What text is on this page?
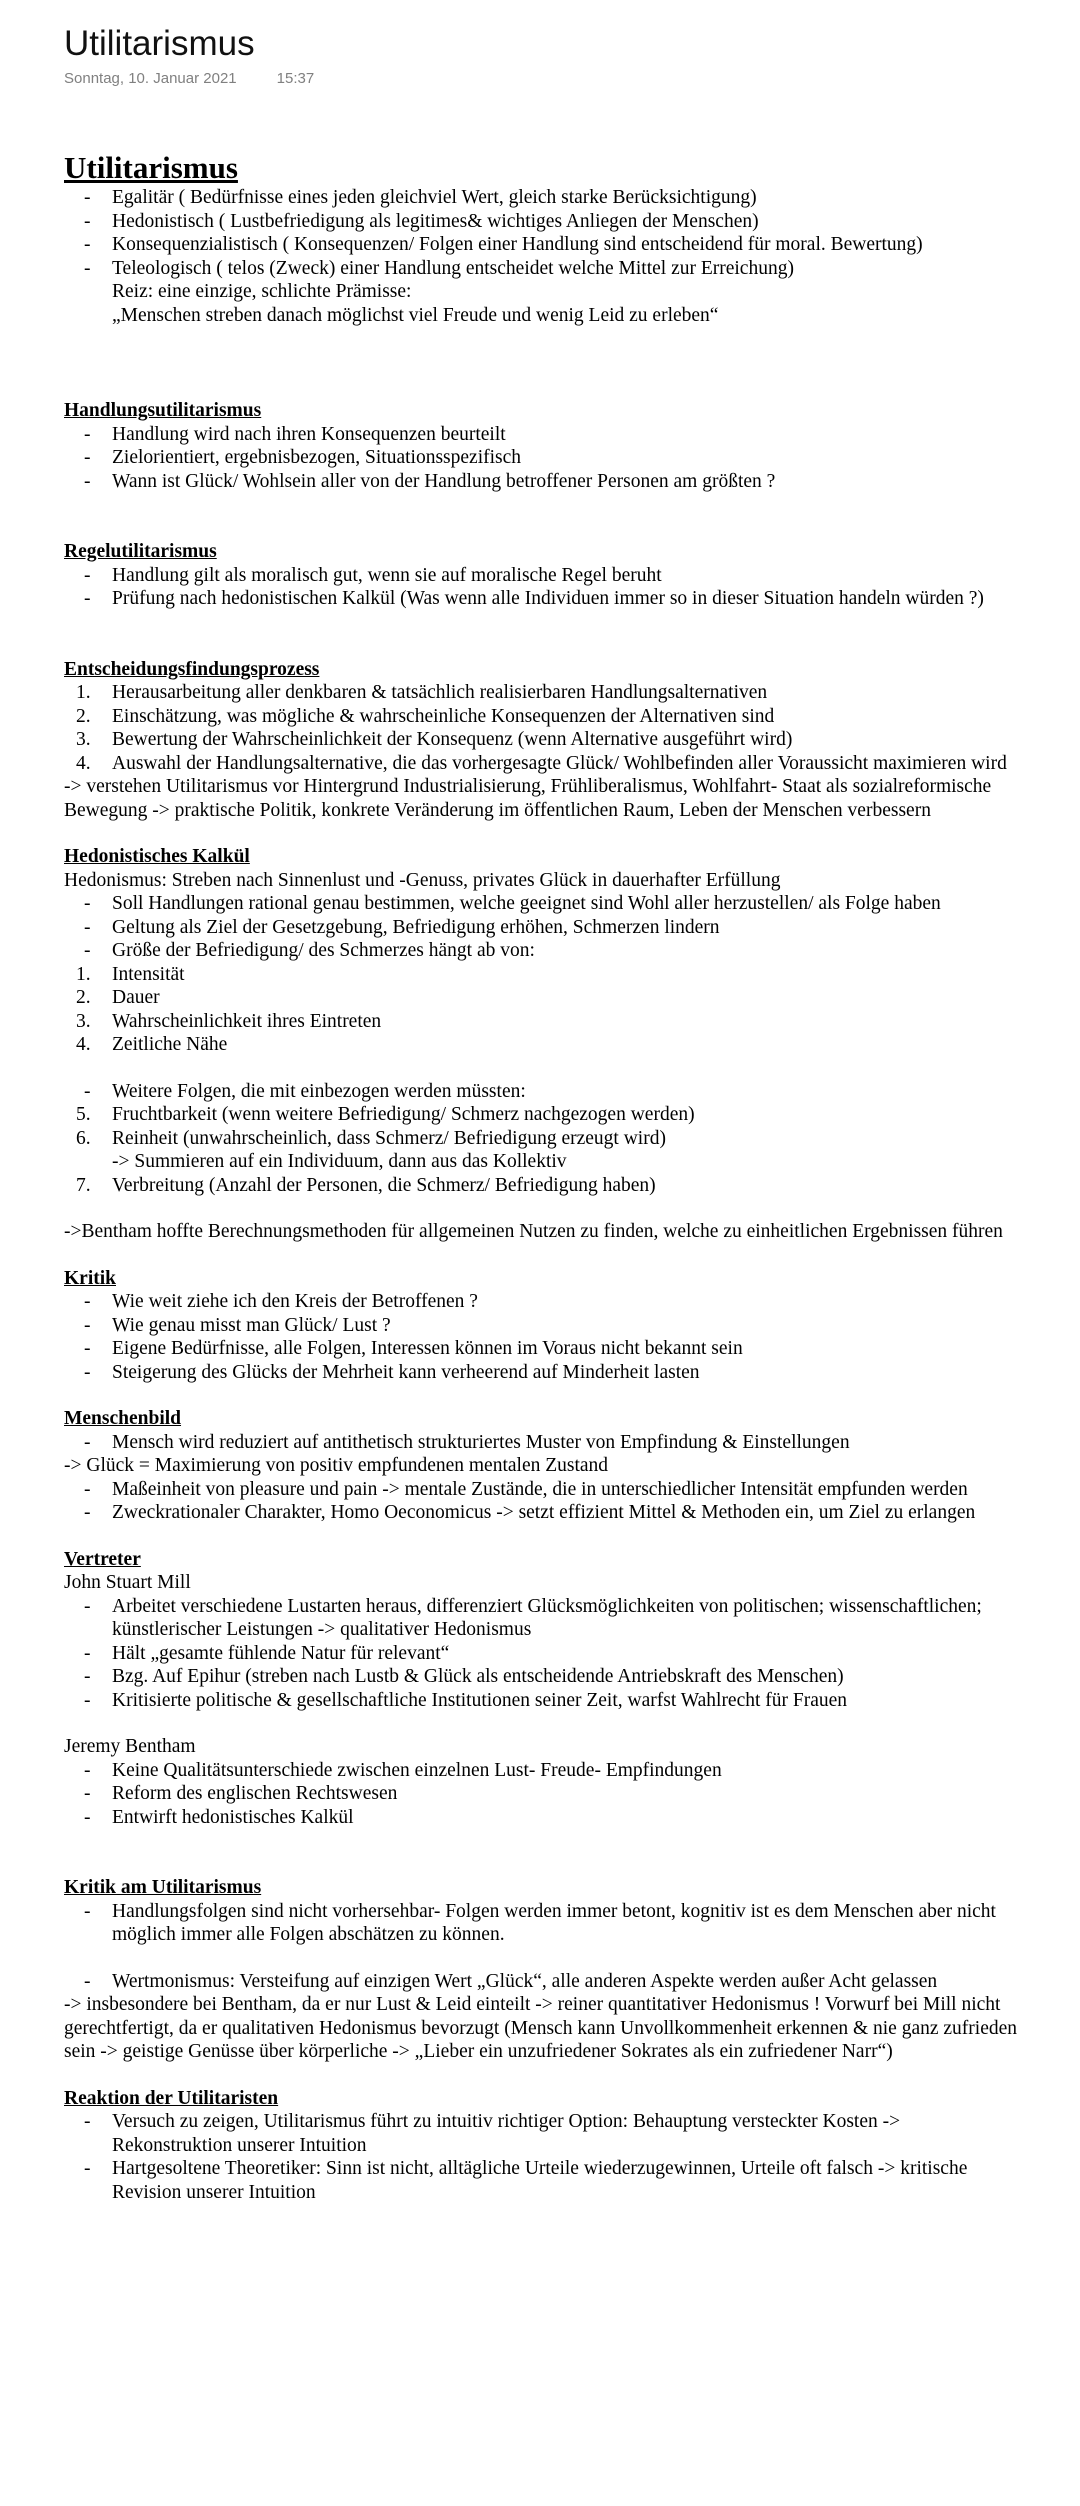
Utilitarismus
Sonntag, 10. Januar 2021	15:37
Utilitarismus
-	Egalitär ( Bedürfnisse eines jeden gleichviel Wert, gleich starke Berücksichtigung)
-	Hedonistisch ( Lustbefriedigung als legitimes& wichtiges Anliegen der Menschen)
-	Konsequenzialistisch ( Konsequenzen/ Folgen einer Handlung sind entscheidend für moral. Bewertung)
-	Teleologisch ( telos (Zweck) einer Handlung entscheidet welche Mittel zur Erreichung)
Reiz: eine einzige, schlichte Prämisse:
„Menschen streben danach möglichst viel Freude und wenig Leid zu erleben“
Handlungsutilitarismus
-	Handlung wird nach ihren Konsequenzen beurteilt
-	Zielorientiert, ergebnisbezogen, Situationsspezifisch
-	Wann ist Glück/ Wohlsein aller von der Handlung betroffener Personen am größten ?
Regelutilitarismus
-	Handlung gilt als moralisch gut, wenn sie auf moralische Regel beruht
-	Prüfung nach hedonistischen Kalkül (Was wenn alle Individuen immer so in dieser Situation handeln würden ?)
Entscheidungsfindungsprozess
1.	Herausarbeitung aller denkbaren & tatsächlich realisierbaren Handlungsalternativen
2.	Einschätzung, was mögliche & wahrscheinliche Konsequenzen der Alternativen sind
3.	Bewertung der Wahrscheinlichkeit der Konsequenz (wenn Alternative ausgeführt wird)
4.	Auswahl der Handlungsalternative, die das vorhergesagte Glück/ Wohlbefinden aller Voraussicht maximieren wird
-> verstehen Utilitarismus vor Hintergrund Industrialisierung, Frühliberalismus, Wohlfahrt- Staat als sozialreformische Bewegung -> praktische Politik, konkrete Veränderung im öffentlichen Raum, Leben der Menschen verbessern
Hedonistisches Kalkül
Hedonismus: Streben nach Sinnenlust und -Genuss, privates Glück in dauerhafter Erfüllung
-	Soll Handlungen rational genau bestimmen, welche geeignet sind Wohl aller herzustellen/ als Folge haben
-	Geltung als Ziel der Gesetzgebung, Befriedigung erhöhen, Schmerzen lindern
-	Größe der Befriedigung/ des Schmerzes hängt ab von:
1.	Intensität
2.	Dauer
3.	Wahrscheinlichkeit ihres Eintreten
4.	Zeitliche Nähe
-	Weitere Folgen, die mit einbezogen werden müssten:
5.	Fruchtbarkeit (wenn weitere Befriedigung/ Schmerz nachgezogen werden)
6.	Reinheit (unwahrscheinlich, dass Schmerz/ Befriedigung erzeugt wird)
-> Summieren auf ein Individuum, dann aus das Kollektiv
7.	Verbreitung (Anzahl der Personen, die Schmerz/ Befriedigung haben)
->Bentham hoffte Berechnungsmethoden für allgemeinen Nutzen zu finden, welche zu einheitlichen Ergebnissen führen
Kritik
-	Wie weit ziehe ich den Kreis der Betroffenen ?
-	Wie genau misst man Glück/ Lust ?
-	Eigene Bedürfnisse, alle Folgen, Interessen können im Voraus nicht bekannt sein
-	Steigerung des Glücks der Mehrheit kann verheerend auf Minderheit lasten
Menschenbild
-	Mensch wird reduziert auf antithetisch strukturiertes Muster von Empfindung & Einstellungen
-> Glück = Maximierung von positiv empfundenen mentalen Zustand
-	Maßeinheit von pleasure und pain -> mentale Zustände, die in unterschiedlicher Intensität empfunden werden
-	Zweckrationaler Charakter, Homo Oeconomicus -> setzt effizient Mittel & Methoden ein, um Ziel zu erlangen
Vertreter
John Stuart Mill
-	Arbeitet verschiedene Lustarten heraus, differenziert Glücksmöglichkeiten von politischen; wissenschaftlichen; künstlerischer Leistungen -> qualitativer Hedonismus
-	Hält „gesamte fühlende Natur für relevant“
-	Bzg. Auf Epihur (streben nach Lustb & Glück als entscheidende Antriebskraft des Menschen)
-	Kritisierte politische & gesellschaftliche Institutionen seiner Zeit, warfst Wahlrecht für Frauen
Jeremy Bentham
-	Keine Qualitätsunterschiede zwischen einzelnen Lust- Freude- Empfindungen
-	Reform des englischen Rechtswesen
-	Entwirft hedonistisches Kalkül
Kritik am Utilitarismus
-	Handlungsfolgen sind nicht vorhersehbar- Folgen werden immer betont, kognitiv ist es dem Menschen aber nicht möglich immer alle Folgen abschätzen zu können.
-	Wertmonismus: Versteifung auf einzigen Wert „Glück“, alle anderen Aspekte werden außer Acht gelassen
-> insbesondere bei Bentham, da er nur Lust & Leid einteilt -> reiner quantitativer Hedonismus ! Vorwurf bei Mill nicht gerechtfertigt, da er qualitativen Hedonismus bevorzugt (Mensch kann Unvollkommenheit erkennen & nie ganz zufrieden sein -> geistige Genüsse über körperliche -> „Lieber ein unzufriedener Sokrates als ein zufriedener Narr“)
Reaktion der Utilitaristen
-	Versuch zu zeigen, Utilitarismus führt zu intuitiv richtiger Option: Behauptung versteckter Kosten -> Rekonstruktion unserer Intuition
-	Hartgesoltene Theoretiker: Sinn ist nicht, alltägliche Urteile wiederzugewinnen, Urteile oft falsch -> kritische Revision unserer Intuition
